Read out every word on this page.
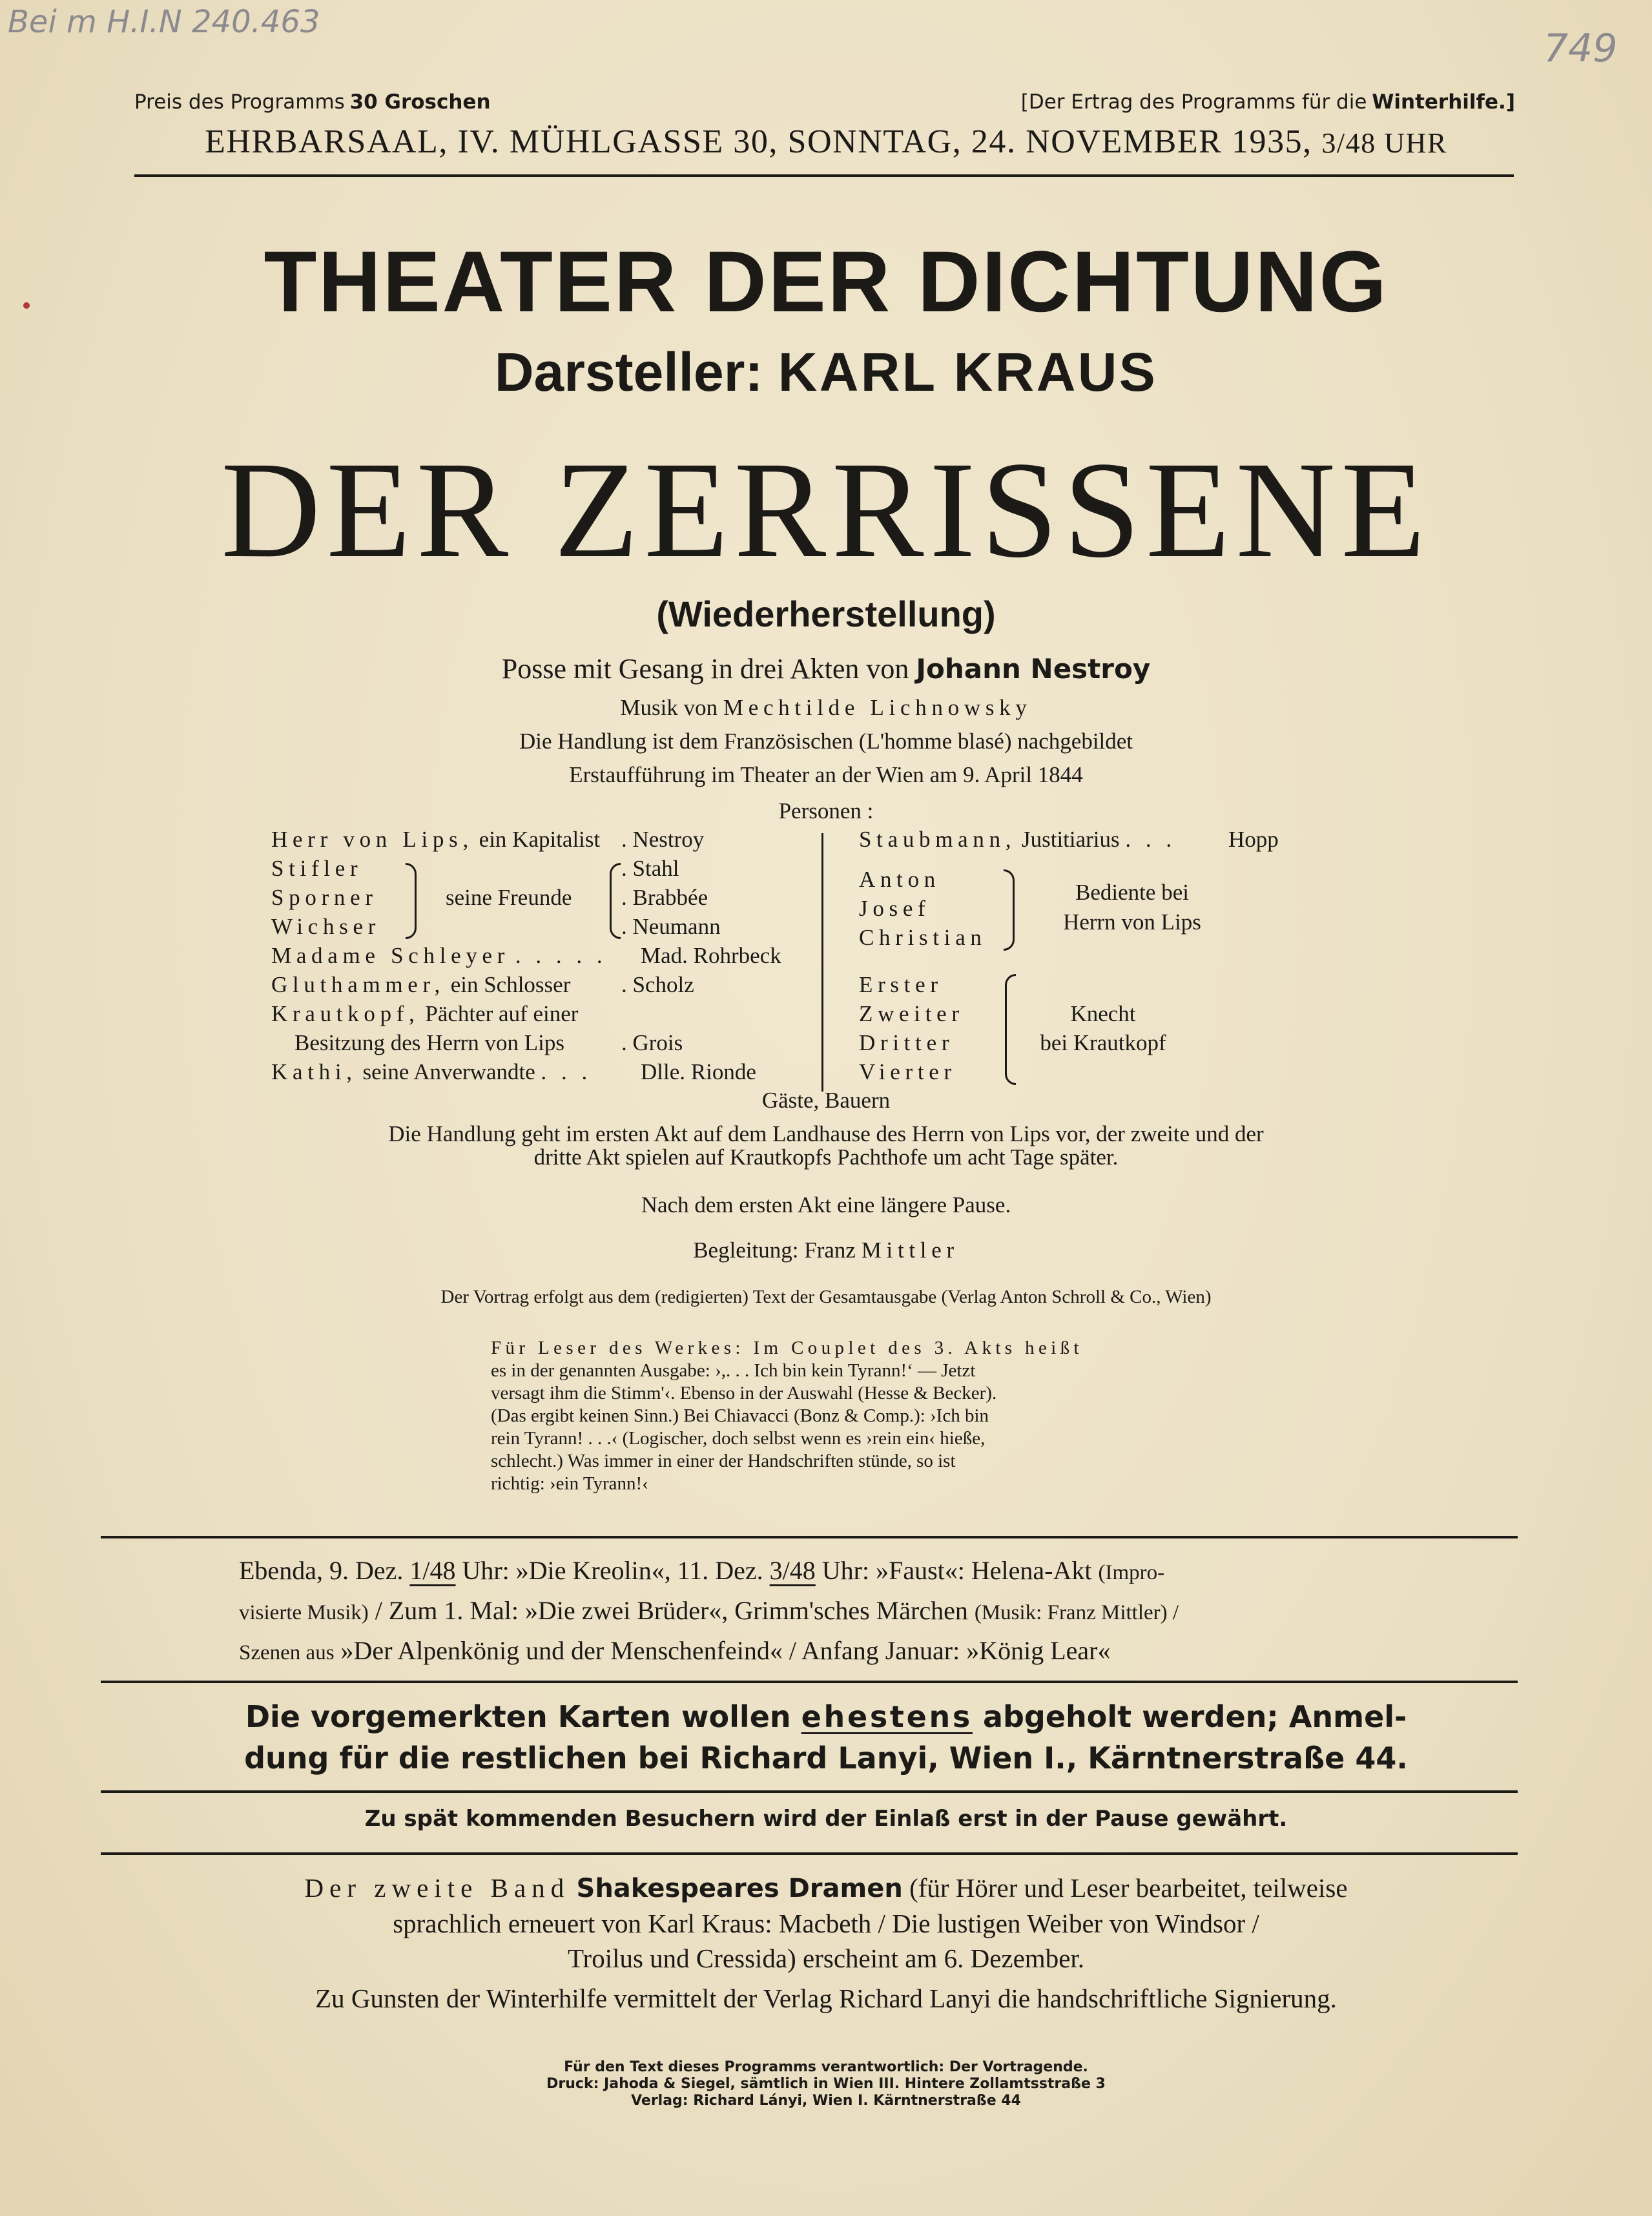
Bei m H.I.N 240.463
749
Preis des Programms 30 Groschen	[Der Ertrag des Programms für die Winterhilfe.]
EHRBARSAAL, IV. MÜHLGASSE 30, SONNTAG, 24. NOVEMBER 1935, 3/48 UHR
THEATER DER DICHTUNG
Darsteller: KARL KRAUS
DER ZERRISSENE
(Wiederherstellung)
Posse mit Gesang in drei Akten von Johann Nestroy
Musik von Mechtilde Lichnowsky
Die Handlung ist dem Französischen (L'homme blasé) nachgebildet
Erstaufführung im Theater an der Wien am 9. April 1844
Personen :
Herr von Lips, ein Kapitalist . Nestroy
Stifler
Sporner
Wichser
seine Freunde
. Stahl
. Brabbée
. Neumann
Madame Schleyer . . . . . Mad. Rohrbeck
Gluthammer, ein Schlosser . Scholz
Krautkopf, Pächter auf einer
Besitzung des Herrn von Lips	. Grois
Kathi, seine Anverwandte . . . Dlle. Rionde
Staubmann, Justitiarius . . . Hopp
Anton
Josef
Christian
Bediente bei
Herrn von Lips
Erster
Zweiter
Dritter
Vierter
Knecht
bei Krautkopf
Gäste, Bauern
Die Handlung geht im ersten Akt auf dem Landhause des Herrn von Lips vor, der zweite und der
dritte Akt spielen auf Krautkopfs Pachthofe um acht Tage später.
Nach dem ersten Akt eine längere Pause.
Begleitung: Franz Mittler
Der Vortrag erfolgt aus dem (redigierten) Text der Gesamtausgabe (Verlag Anton Schroll & Co., Wien)
Für Leser des Werkes: Im Couplet des 3. Akts heißt
es in der genannten Ausgabe: ›,. . . Ich bin kein Tyrann!‘ — Jetzt
versagt ihm die Stimm'‹. Ebenso in der Auswahl (Hesse & Becker).
(Das ergibt keinen Sinn.) Bei Chiavacci (Bonz & Comp.): ›Ich bin
rein Tyrann! . . .‹ (Logischer, doch selbst wenn es ›rein ein‹ hieße,
schlecht.) Was immer in einer der Handschriften stünde, so ist
richtig: ›ein Tyrann!‹
Ebenda, 9. Dez. 1/48 Uhr: »Die Kreolin«, 11. Dez. 3/48 Uhr: »Faust«: Helena-Akt (Impro-
visierte Musik) / Zum 1. Mal: »Die zwei Brüder«, Grimm'sches Märchen (Musik: Franz Mittler) /
Szenen aus »Der Alpenkönig und der Menschenfeind« / Anfang Januar: »König Lear«
Die vorgemerkten Karten wollen ehestens abgeholt werden; Anmel-
dung für die restlichen bei Richard Lanyi, Wien I., Kärntnerstraße 44.
Zu spät kommenden Besuchern wird der Einlaß erst in der Pause gewährt.
Der zweite Band Shakespeares Dramen (für Hörer und Leser bearbeitet, teilweise
sprachlich erneuert von Karl Kraus: Macbeth / Die lustigen Weiber von Windsor /
Troilus und Cressida) erscheint am 6. Dezember.
Zu Gunsten der Winterhilfe vermittelt der Verlag Richard Lanyi die handschriftliche Signierung.
Für den Text dieses Programms verantwortlich: Der Vortragende.
Druck: Jahoda & Siegel, sämtlich in Wien III. Hintere Zollamtsstraße 3
Verlag: Richard Lányi, Wien I. Kärntnerstraße 44
